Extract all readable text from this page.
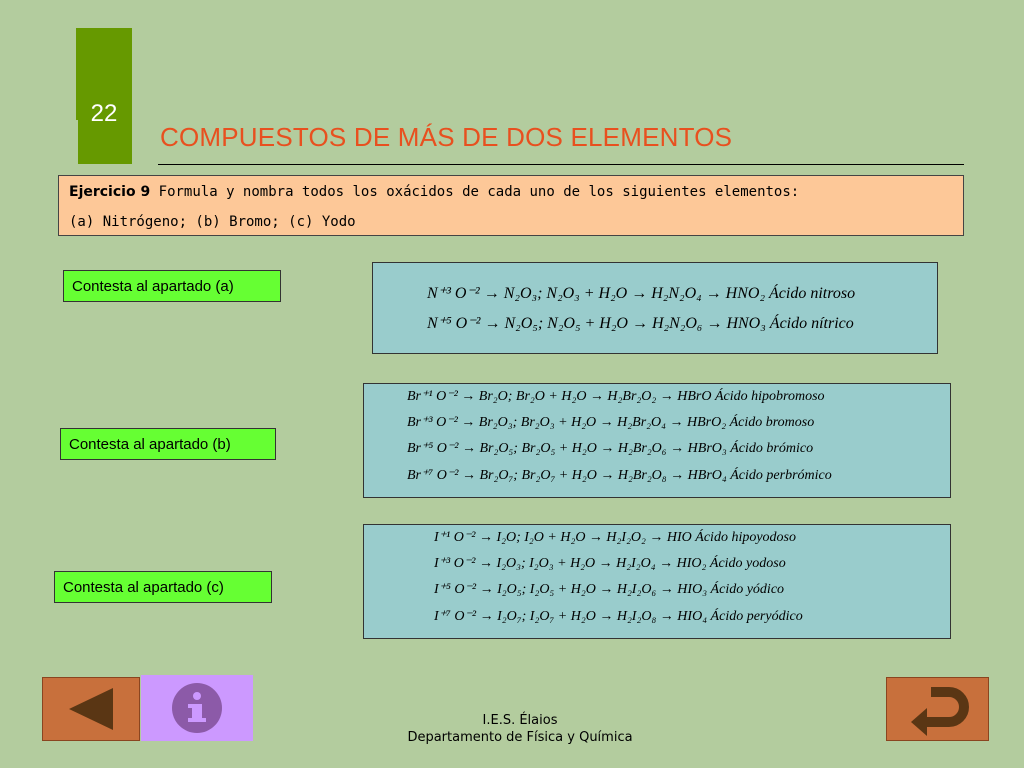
22
COMPUESTOS DE MÁS DE DOS ELEMENTOS
Ejercicio 9 Formula y nombra todos los oxácidos de cada uno de los siguientes elementos:
(a) Nitrógeno; (b) Bromo; (c) Yodo
Contesta al apartado (a)
Contesta al apartado (b)
Contesta al apartado (c)
N⁺³ O⁻² → N₂O₃; N₂O₃ + H₂O → H₂N₂O₄ → HNO₂ Ácido nitroso
N⁺⁵ O⁻² → N₂O₅; N₂O₅ + H₂O → H₂N₂O₆ → HNO₃ Ácido nítrico
Br⁺¹ O⁻² → Br₂O; Br₂O + H₂O → H₂Br₂O₂ → HBrO Ácido hipobromoso
Br⁺³ O⁻² → Br₂O₃; Br₂O₃ + H₂O → H₂Br₂O₄ → HBrO₂ Ácido bromoso
Br⁺⁵ O⁻² → Br₂O₅; Br₂O₅ + H₂O → H₂Br₂O₆ → HBrO₃ Ácido brómico
Br⁺⁷ O⁻² → Br₂O₇; Br₂O₇ + H₂O → H₂Br₂O₈ → HBrO₄ Ácido perbrómico
I⁺¹ O⁻² → I₂O; I₂O + H₂O → H₂I₂O₂ → HIO Ácido hipoyodoso
I⁺³ O⁻² → I₂O₃; I₂O₃ + H₂O → H₂I₂O₄ → HIO₂ Ácido yodoso
I⁺⁵ O⁻² → I₂O₅; I₂O₅ + H₂O → H₂I₂O₆ → HIO₃ Ácido yódico
I⁺⁷ O⁻² → I₂O₇; I₂O₇ + H₂O → H₂I₂O₈ → HIO₄ Ácido peryódico
I.E.S. Élaios
Departamento de Física y Química
